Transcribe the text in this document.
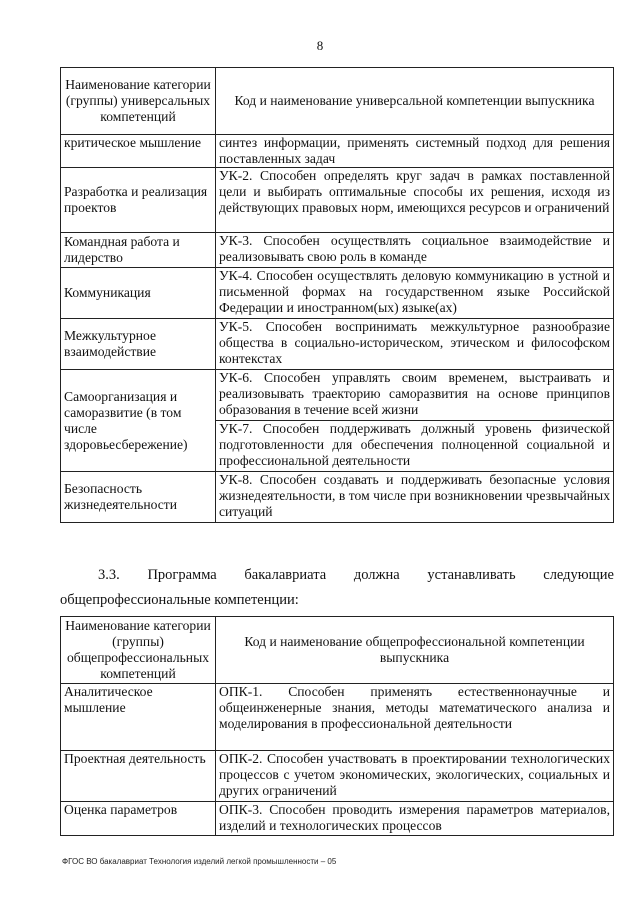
8
Наименование категории (группы) универсальных компетенций	Код и наименование универсальной компетенции выпускника
критическое мышление	синтез информации, применять системный подход для решения поставленных задач
Разработка и реализация проектов	УК-2. Способен определять круг задач в рамках поставленной цели и выбирать оптимальные способы их решения, исходя из действующих правовых норм, имеющихся ресурсов и ограничений
Командная работа и лидерство	УК-3. Способен осуществлять социальное взаимодействие и реализовывать свою роль в команде
Коммуникация	УК-4. Способен осуществлять деловую коммуникацию в устной и письменной формах на государственном языке Российской Федерации и иностранном(ых) языке(ах)
Межкультурное взаимодействие	УК-5. Способен воспринимать межкультурное разнообразие общества в социально-историческом, этическом и философском контекстах
Самоорганизация и саморазвитие (в том числе здоровьесбережение)	УК-6. Способен управлять своим временем, выстраивать и реализовывать траекторию саморазвития на основе принципов образования в течение всей жизни
	УК-7. Способен поддерживать должный уровень физической подготовленности для обеспечения полноценной социальной и профессиональной деятельности
Безопасность жизнедеятельности	УК-8. Способен создавать и поддерживать безопасные условия жизнедеятельности, в том числе при возникновении чрезвычайных ситуаций
3.3. Программа бакалавриата должна устанавливать следующие
общепрофессиональные компетенции:
Наименование категории (группы) общепрофессиональных компетенций	Код и наименование общепрофессиональной компетенции выпускника
Аналитическое мышление	ОПК-1. Способен применять естественнонаучные и общеинженерные знания, методы математического анализа и моделирования в профессиональной деятельности
Проектная деятельность	ОПК-2. Способен участвовать в проектировании технологических процессов с учетом экономических, экологических, социальных и других ограничений
Оценка параметров	ОПК-3. Способен проводить измерения параметров материалов, изделий и технологических процессов
ФГОС ВО бакалавриат Технология изделий легкой промышленности – 05
